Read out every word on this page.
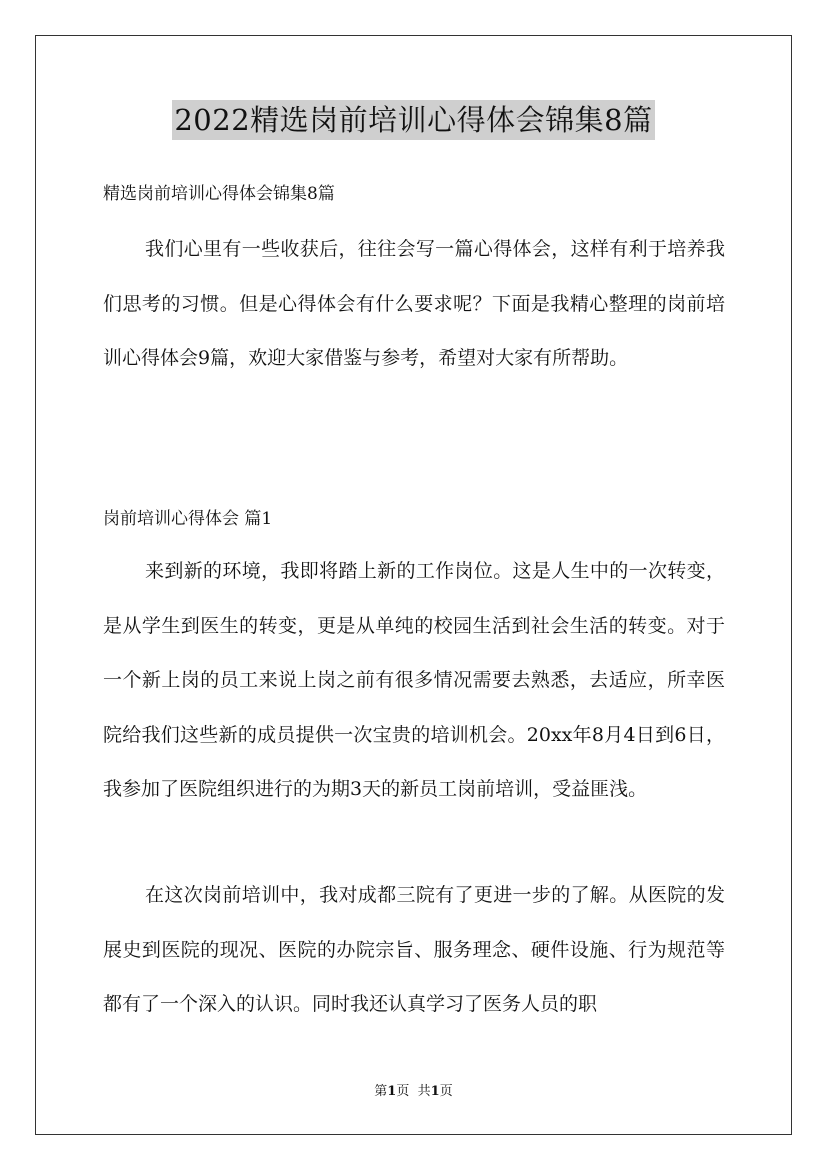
2022精选岗前培训心得体会锦集8篇
精选岗前培训心得体会锦集8篇

我们心里有一些收获后，往往会写一篇心得体会，这样有利于培养我们思考的习惯。但是心得体会有什么要求呢？下面是我精心整理的岗前培训心得体会9篇，欢迎大家借鉴与参考，希望对大家有所帮助。

岗前培训心得体会 篇1

来到新的环境，我即将踏上新的工作岗位。这是人生中的一次转变，是从学生到医生的转变，更是从单纯的校园生活到社会生活的转变。对于一个新上岗的员工来说上岗之前有很多情况需要去熟悉，去适应，所幸医院给我们这些新的成员提供一次宝贵的培训机会。20xx年8月4日到6日，我参加了医院组织进行的为期3天的新员工岗前培训，受益匪浅。

在这次岗前培训中，我对成都三院有了更进一步的了解。从医院的发展史到医院的现况、医院的办院宗旨、服务理念、硬件设施、行为规范等都有了一个深入的认识。同时我还认真学习了医务人员的职

第1页 共1页
